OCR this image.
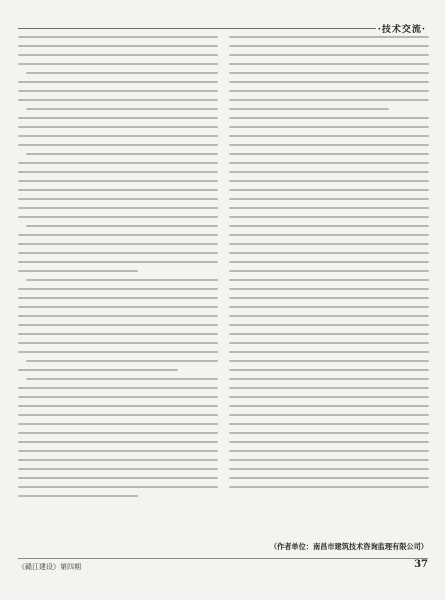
·技术交流·
（作者单位：南昌市建筑技术咨询监理有限公司）
《赣江建设》第四期	37
